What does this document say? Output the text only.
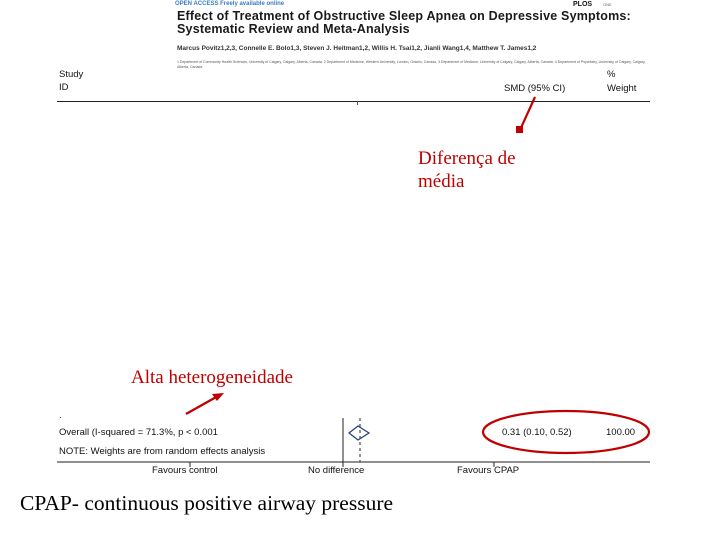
OPEN ACCESS Freely available online	PLOS	ONE
Effect of Treatment of Obstructive Sleep Apnea on Depressive Symptoms: Systematic Review and Meta-Analysis
Marcus Povitz1,2,3, Connelle E. Bolo1,3, Steven J. Heitman1,2, Willis H. Tsai1,2, Jianli Wang1,4, Matthew T. James1,2
1 Department of Community Health Sciences, University of Calgary, Calgary, Alberta, Canada, 2 Department of Medicine, Western University, London, Ontario, Canada, 3 Department of Medicine, University of Calgary, Calgary, Alberta, Canada, 4 Department of Psychiatry, University of Calgary, Calgary, Alberta, Canada
Study
ID	SMD (95% CI)
%
Weight
Diferença de
média
Alta heterogeneidade
.
Overall (I-squared = 71.3%, p < 0.001
NOTE: Weights are from random effects analysis
0.31 (0.10, 0.52)	100.00
Favours control	No difference	Favours CPAP
CPAP- continuous positive airway pressure
